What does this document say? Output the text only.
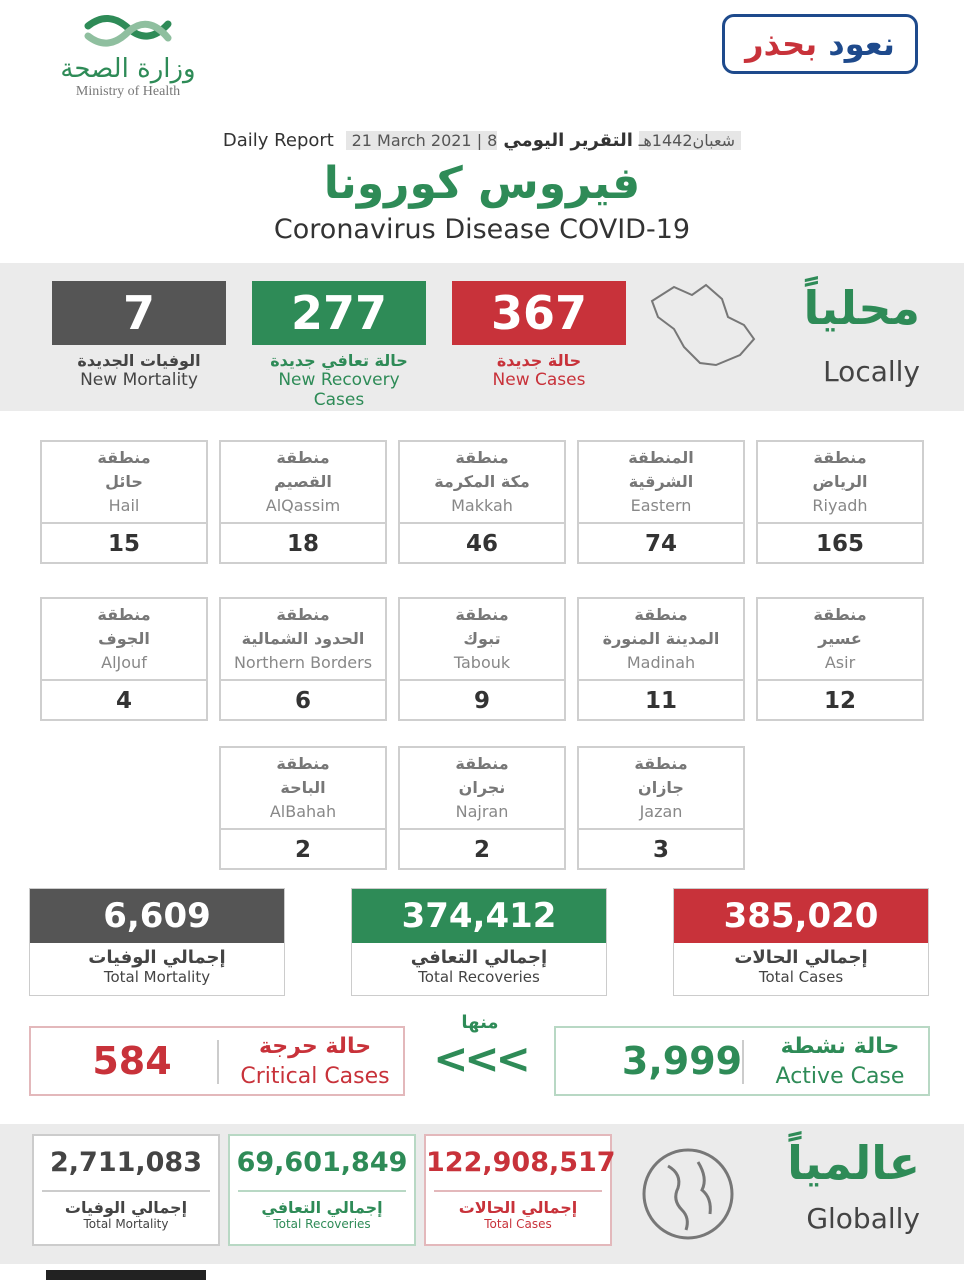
وزارة الصحة
Ministry of Health
نعود بحذر
Daily Report 21 March 2021 | 8شعبان1442هـ التقرير اليومي
فيروس كورونا
Coronavirus Disease COVID-19
7
الوفيات الجديدة
New Mortality
277
حالة تعافي جديدة
New Recovery Cases
367
حالة جديدة
New Cases
محلياً
Locally
منطقة
الرياض
Riyadh
165
المنطقة
الشرقية
Eastern
74
منطقة
مكة المكرمة
Makkah
46
منطقة
القصيم
AlQassim
18
منطقة
حائل
Hail
15
منطقة
عسير
Asir
12
منطقة
المدينة المنورة
Madinah
11
منطقة
تبوك
Tabouk
9
منطقة
الحدود الشمالية
Northern Borders
6
منطقة
الجوف
AlJouf
4
منطقة
جازان
Jazan
3
منطقة
نجران
Najran
2
منطقة
الباحة
AlBahah
2
6,609
إجمالي الوفيات
Total Mortality
374,412
إجمالي التعافي
Total Recoveries
385,020
إجمالي الحالات
Total Cases
584	حالة حرجة
Critical Cases
منها
<<<	3,999	حالة نشطة
Active Case
2,711,083
إجمالي الوفيات
Total Mortality
69,601,849
إجمالي التعافي
Total Recoveries
122,908,517
إجمالي الحالات
Total Cases
عالمياً
Globally
